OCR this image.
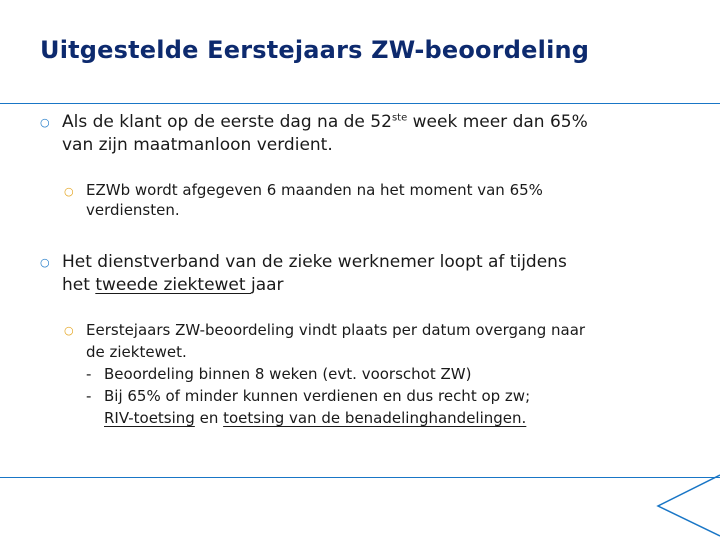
Uitgestelde Eerstejaars ZW-beoordeling
○ Als de klant op de eerste dag na de 52ste week meer dan 65%
van zijn maatmanloon verdient.
○ EZWb wordt afgegeven 6 maanden na het moment van 65%
verdiensten.
○ Het dienstverband van de zieke werknemer loopt af tijdens
het tweede ziektewet jaar
○ Eerstejaars ZW-beoordeling vindt plaats per datum overgang naar
de ziektewet.
- Beoordeling binnen 8 weken (evt. voorschot ZW)
- Bij 65% of minder kunnen verdienen en dus recht op zw;
RIV-toetsing en toetsing van de benadelinghandelingen.
